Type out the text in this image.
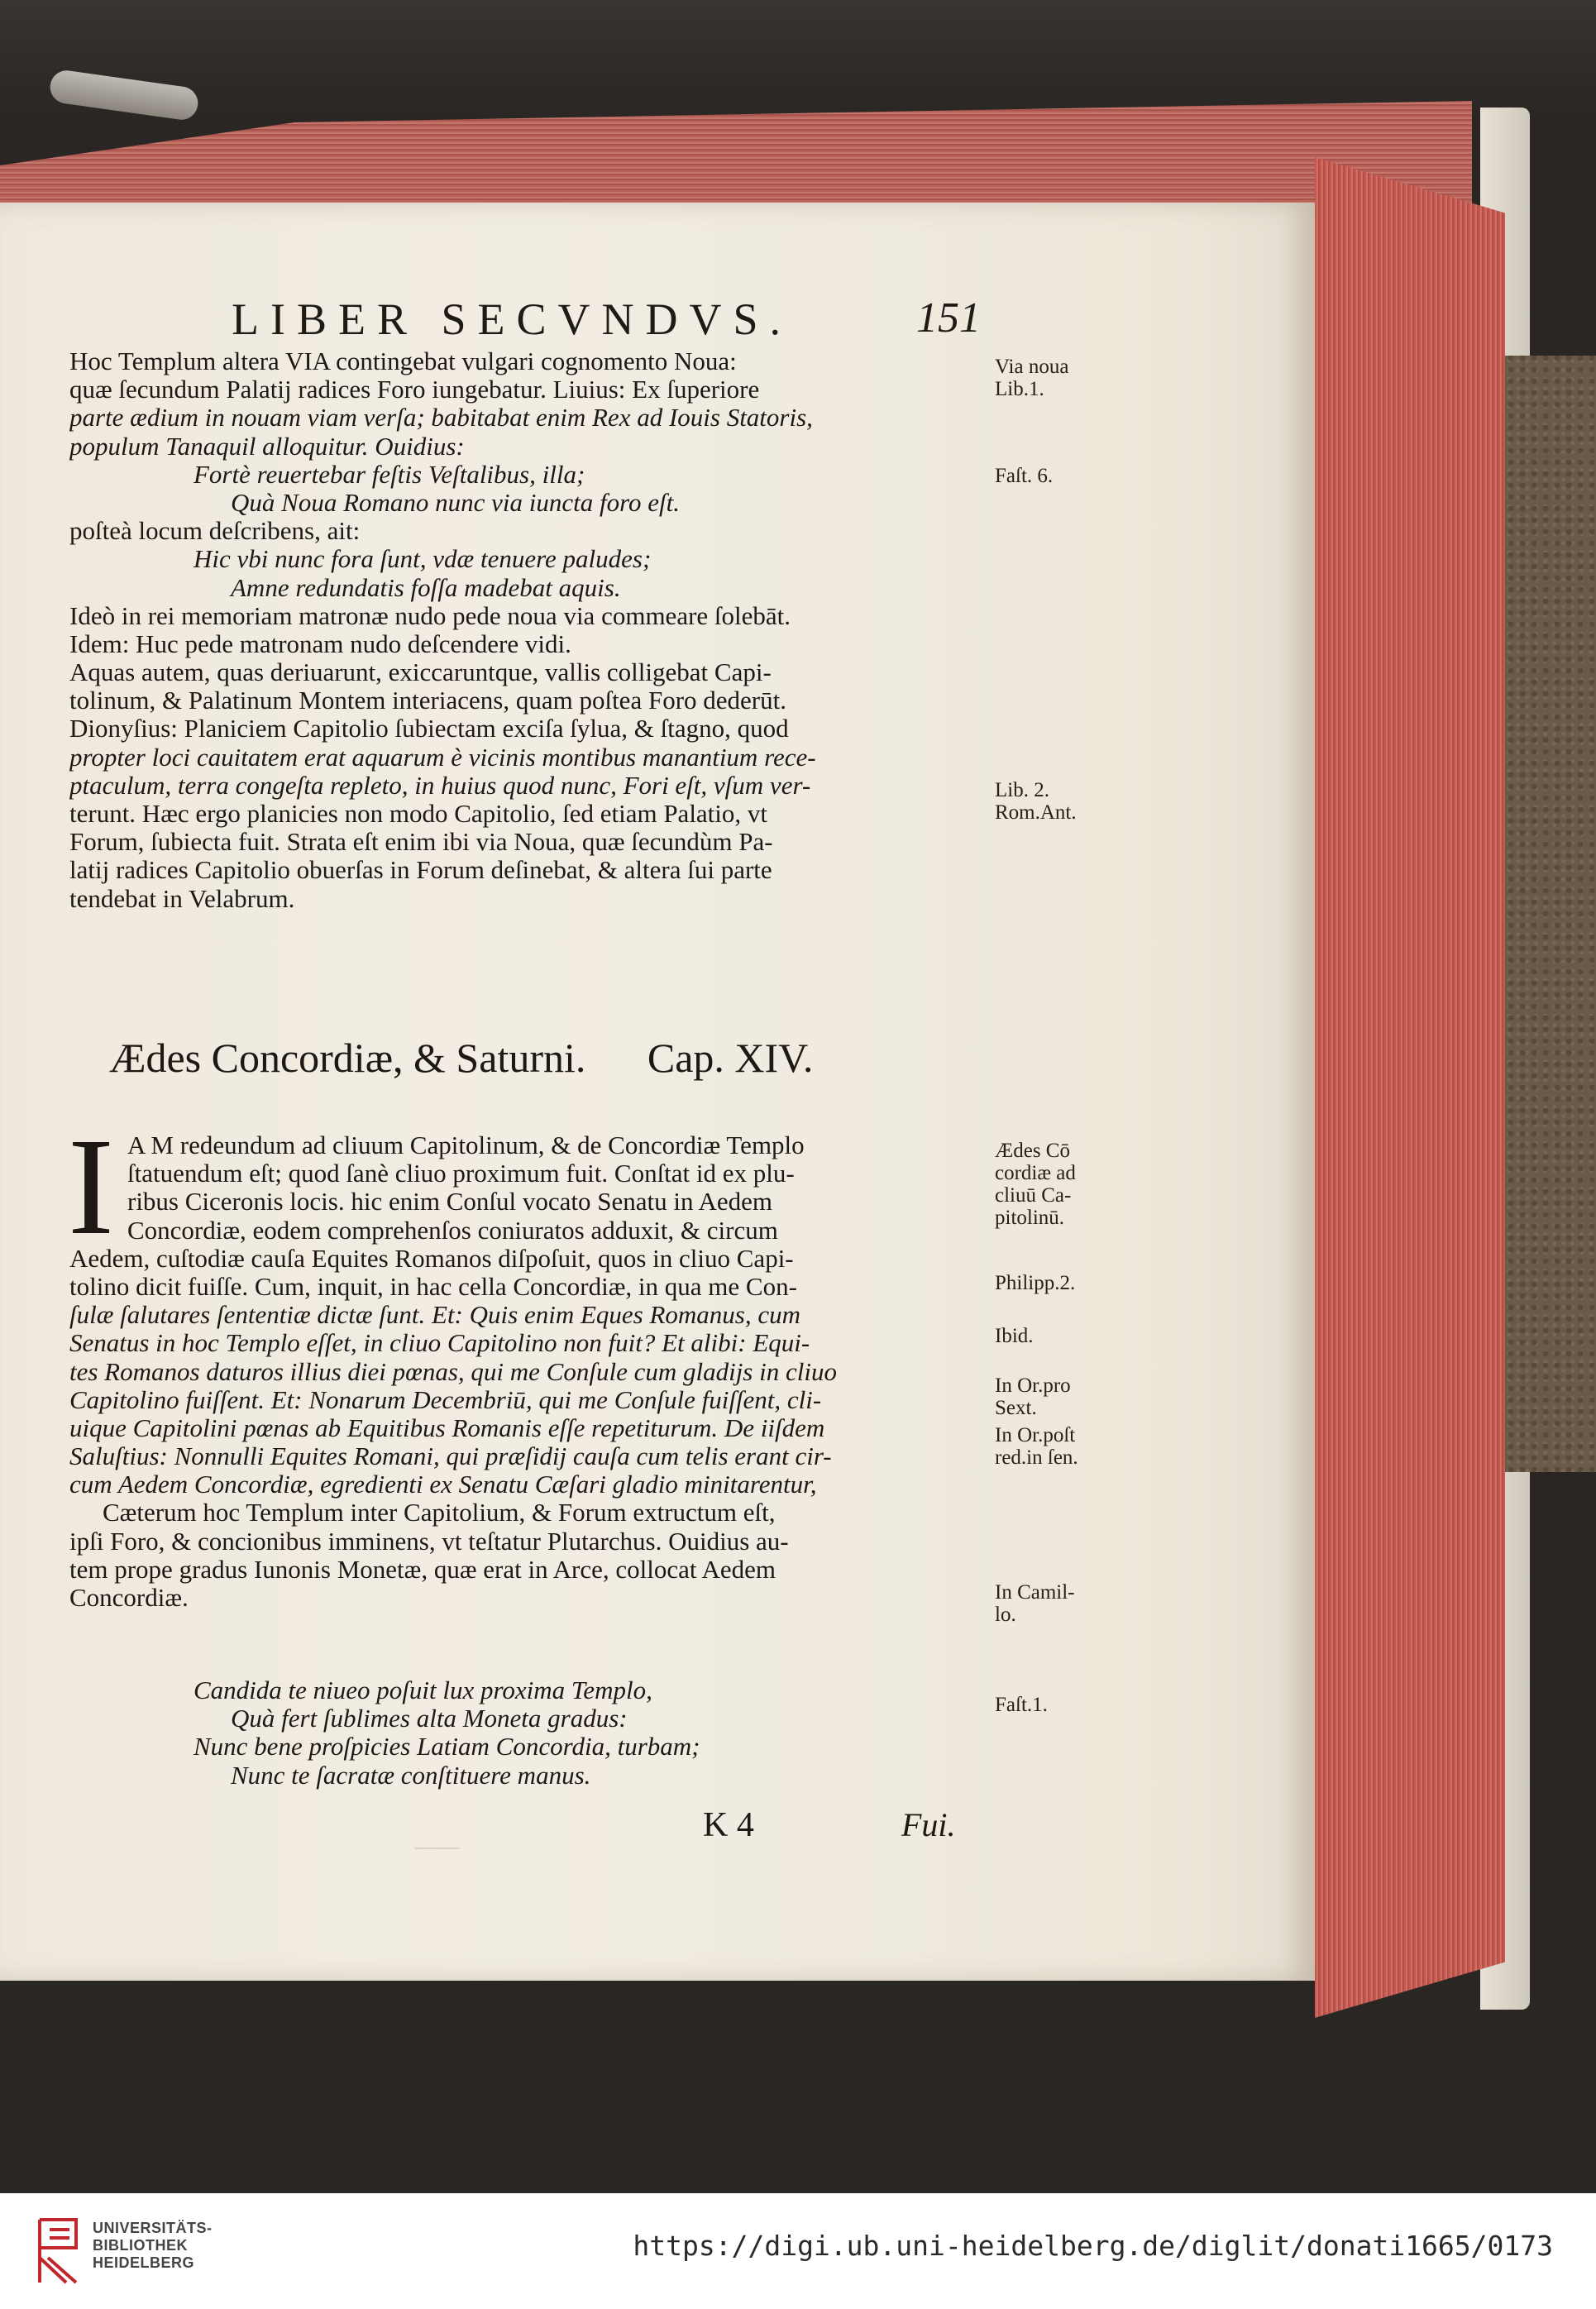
⸺
LIBER SECVNDVS.	151
Hoc Templum altera VIA contingebat vulgari cognomento Noua:
quæ ſecundum Palatij radices Foro iungebatur. Liuius: Ex ſuperiore
parte ædium in nouam viam verſa; babitabat enim Rex ad Iouis Statoris,
populum Tanaquil alloquitur. Ouidius:
Fortè reuertebar feſtis Veſtalibus, illa;
Quà Noua Romano nunc via iuncta foro eſt.
poſteà locum deſcribens, ait:
Hic vbi nunc fora ſunt, vdæ tenuere paludes;
Amne redundatis foſſa madebat aquis.
Ideò in rei memoriam matronæ nudo pede noua via commeare ſolebāt.
Idem: Huc pede matronam nudo deſcendere vidi.
Aquas autem, quas deriuarunt, exiccaruntque, vallis colligebat Capi-
tolinum, & Palatinum Montem interiacens, quam poſtea Foro dederūt.
Dionyſius: Planiciem Capitolio ſubiectam exciſa ſylua, & ſtagno, quod
propter loci cauitatem erat aquarum è vicinis montibus manantium rece-
ptaculum, terra congeſta repleto, in huius quod nunc, Fori eſt, vſum ver-
terunt. Hæc ergo planicies non modo Capitolio, ſed etiam Palatio, vt
Forum, ſubiecta fuit. Strata eſt enim ibi via Noua, quæ ſecundùm Pa-
latij radices Capitolio obuerſas in Forum deſinebat, & altera ſui parte
tendebat in Velabrum.
Ædes Concordiæ, & Saturni. Cap. XIV.
I A M redeundum ad cliuum Capitolinum, & de Concordiæ Templo
ſtatuendum eſt; quod ſanè cliuo proximum fuit. Conſtat id ex plu-
ribus Ciceronis locis. hic enim Conſul vocato Senatu in Aedem
Concordiæ, eodem comprehenſos coniuratos adduxit, & circum
Aedem, cuſtodiæ cauſa Equites Romanos diſpoſuit, quos in cliuo Capi-
tolino dicit fuiſſe. Cum, inquit, in hac cella Concordiæ, in qua me Con-
ſulæ ſalutares ſententiæ dictæ ſunt. Et: Quis enim Eques Romanus, cum
Senatus in hoc Templo eſſet, in cliuo Capitolino non fuit? Et alibi: Equi-
tes Romanos daturos illius diei pœnas, qui me Conſule cum gladijs in cliuo
Capitolino fuiſſent. Et: Nonarum Decembriū, qui me Conſule fuiſſent, cli-
uique Capitolini pœnas ab Equitibus Romanis eſſe repetiturum. De iiſdem
Saluſtius: Nonnulli Equites Romani, qui præſidij cauſa cum telis erant cir-
cum Aedem Concordiæ, egredienti ex Senatu Cæſari gladio minitarentur,
Cæterum hoc Templum inter Capitolium, & Forum extructum eſt,
ipſi Foro, & concionibus imminens, vt teſtatur Plutarchus. Ouidius au-
tem prope gradus Iunonis Monetæ, quæ erat in Arce, collocat Aedem
Concordiæ.
Candida te niueo poſuit lux proxima Templo,
Quà fert ſublimes alta Moneta gradus:
Nunc bene proſpicies Latiam Concordia, turbam;
Nunc te ſacratæ conſtituere manus.
K 4	Fui.
Via noua
Lib.1.
Faſt. 6.
Lib. 2.
Rom.Ant.
Ædes Cō
cordiæ ad
cliuū Ca-
pitolinū.
Philipp.2.
Ibid.
In Or.pro
Sext.
In Or.poſt
red.in ſen.
In Camil-
lo.
Faſt.1.
UNIVERSITÄTS-
BIBLIOTHEK
HEIDELBERG
https://digi.ub.uni-heidelberg.de/diglit/donati1665/0173
